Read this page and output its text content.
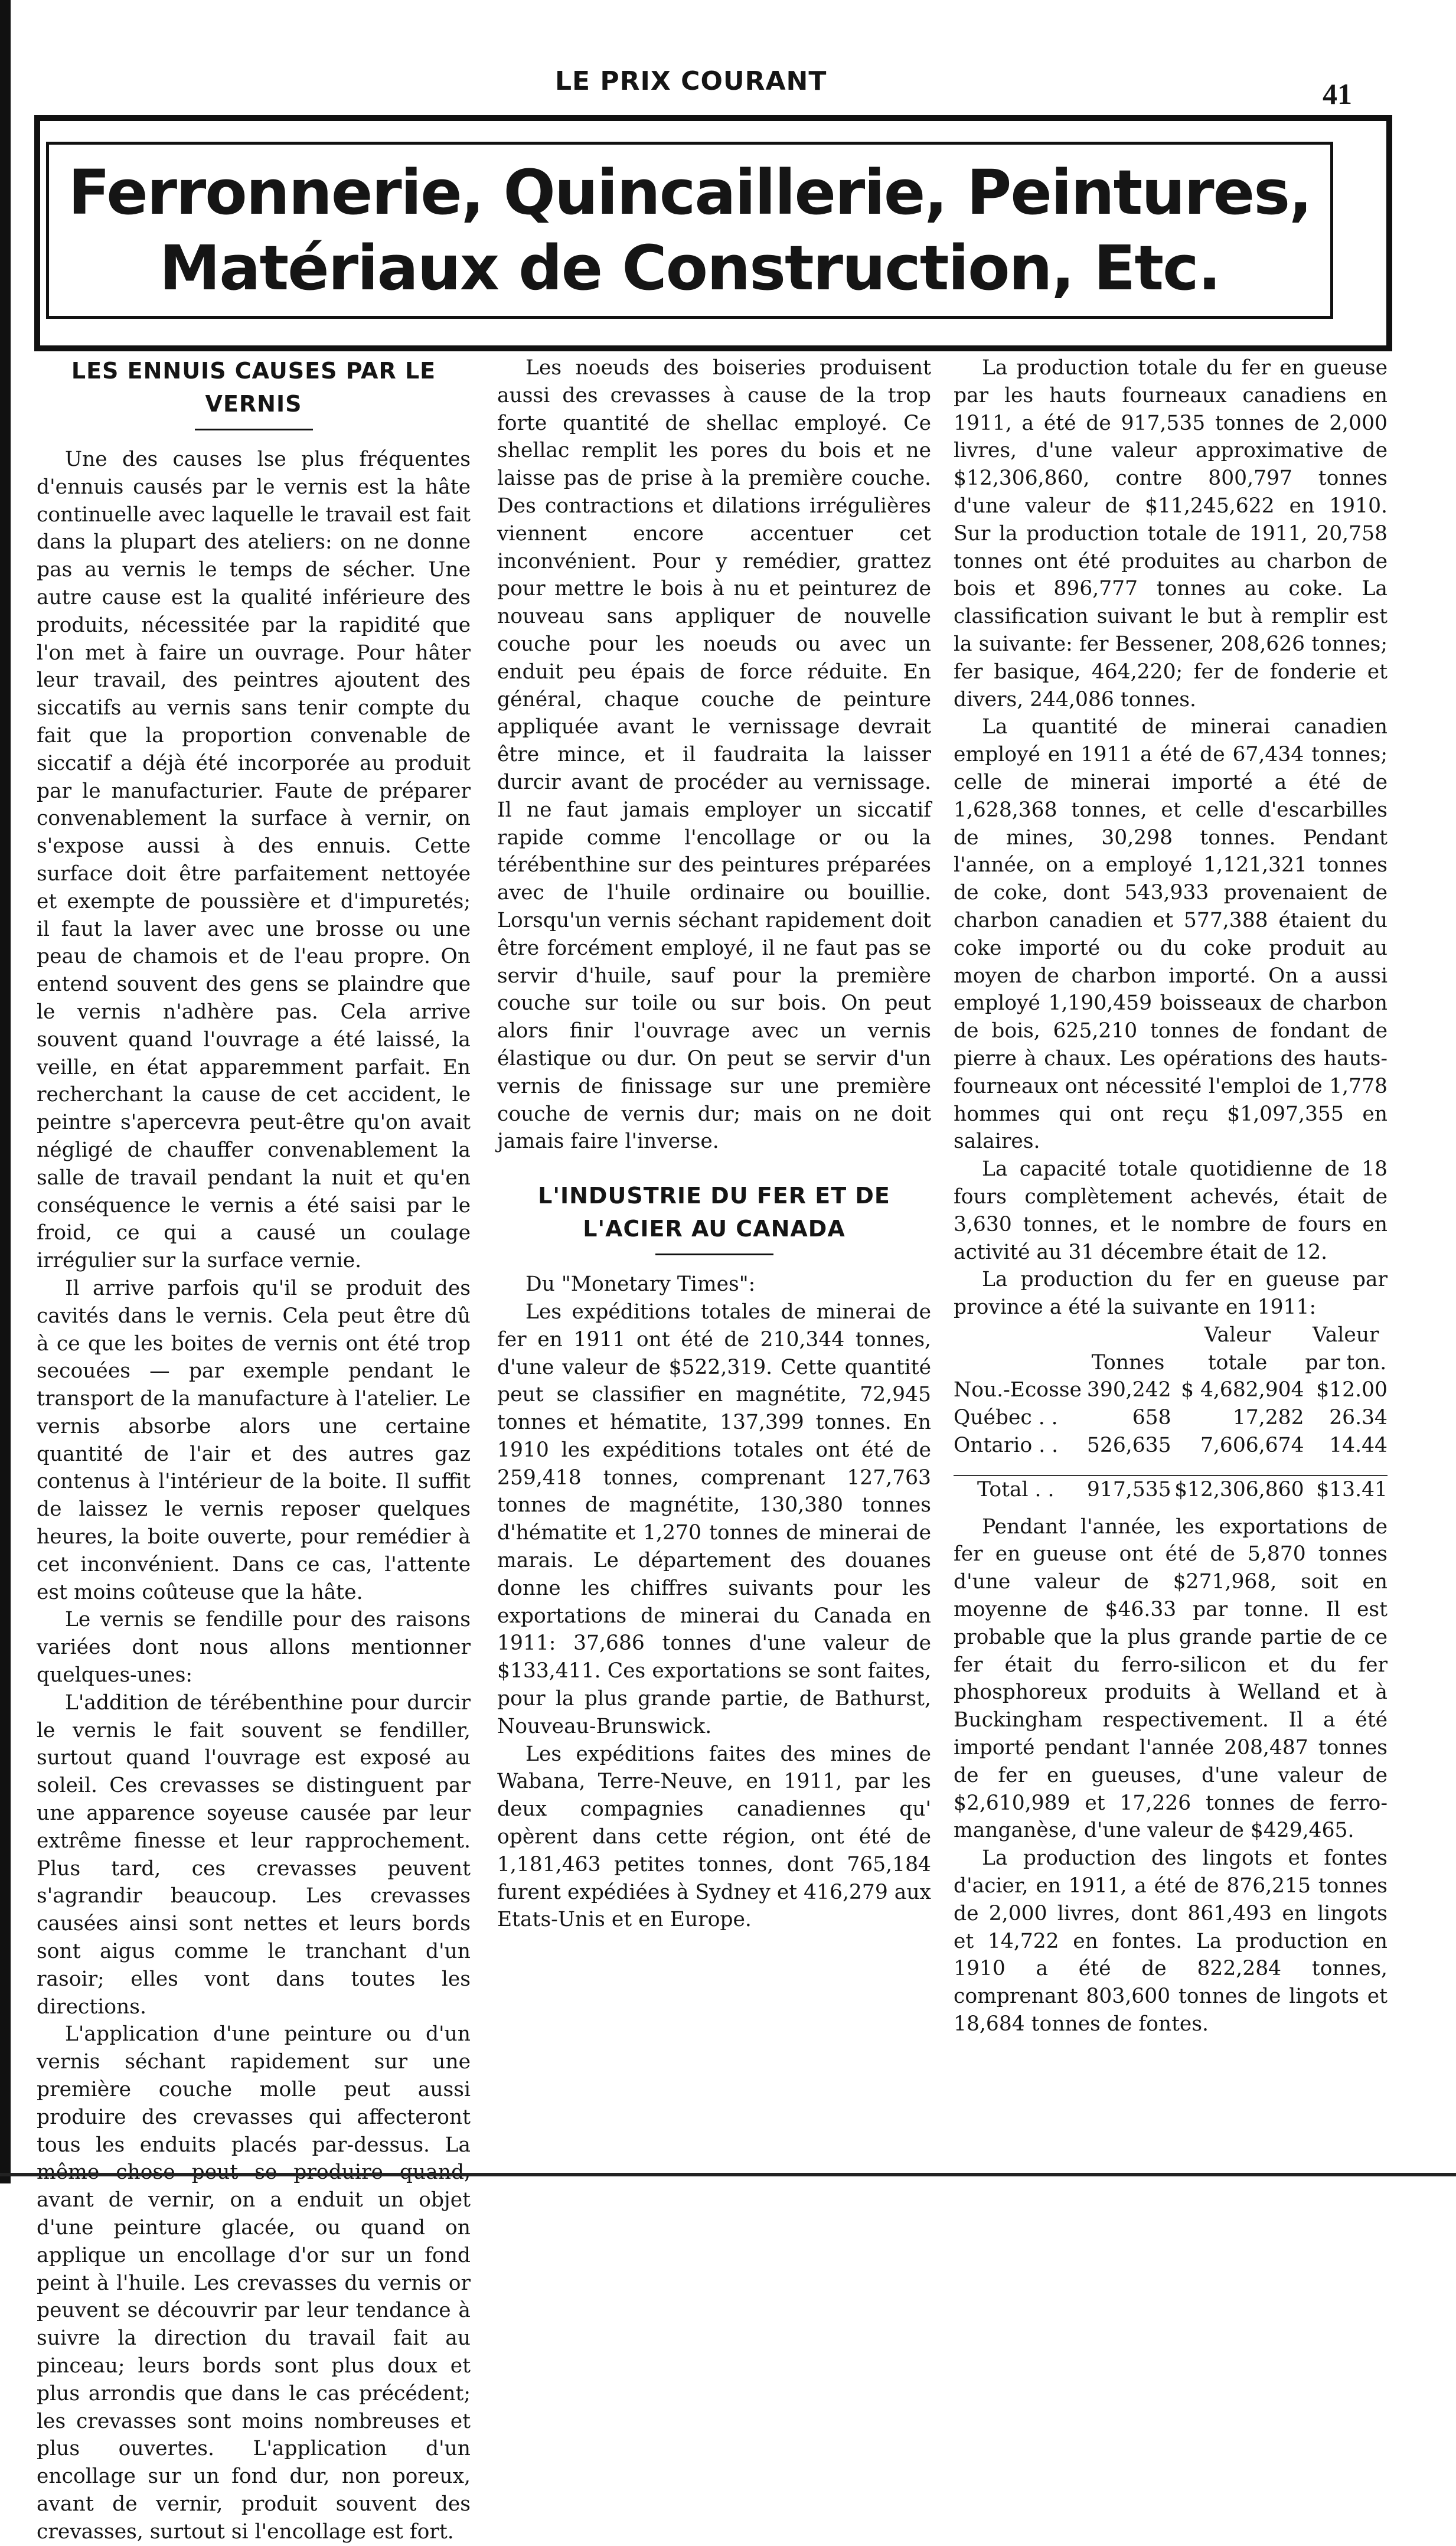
LE PRIX COURANT	41
Ferronnerie, Quincaillerie, Peintures,
Matériaux de Construction, Etc.
LES ENNUIS CAUSES PAR LE
VERNIS

Une des causes lse plus fréquentes d'ennuis causés par le vernis est la hâte continuelle avec laquelle le travail est fait dans la plupart des ateliers: on ne donne pas au vernis le temps de sécher. Une autre cause est la qualité inférieure des produits, nécessitée par la rapidité que l'on met à faire un ouvrage. Pour hâter leur travail, des peintres ajoutent des siccatifs au vernis sans tenir compte du fait que la proportion convenable de siccatif a déjà été incorporée au produit par le manufacturier. Faute de préparer convenablement la surface à vernir, on s'expose aussi à des ennuis. Cette surface doit être parfaitement nettoyée et exempte de poussière et d'impuretés; il faut la laver avec une brosse ou une peau de chamois et de l'eau propre. On entend souvent des gens se plaindre que le vernis n'adhère pas. Cela arrive souvent quand l'ouvrage a été laissé, la veille, en état apparemment parfait. En recherchant la cause de cet accident, le peintre s'apercevra peut-être qu'on avait négligé de chauffer convenablement la salle de travail pendant la nuit et qu'en conséquence le vernis a été saisi par le froid, ce qui a causé un coulage irrégulier sur la surface vernie.

Il arrive parfois qu'il se produit des cavités dans le vernis. Cela peut être dû à ce que les boites de vernis ont été trop secouées — par exemple pendant le transport de la manufacture à l'atelier. Le vernis absorbe alors une certaine quantité de l'air et des autres gaz contenus à l'intérieur de la boite. Il suffit de laissez le vernis reposer quelques heures, la boite ouverte, pour remédier à cet inconvénient. Dans ce cas, l'attente est moins coûteuse que la hâte.

Le vernis se fendille pour des raisons variées dont nous allons mentionner quelques-unes:

L'addition de térébenthine pour durcir le vernis le fait souvent se fendiller, surtout quand l'ouvrage est exposé au soleil. Ces crevasses se distinguent par une apparence soyeuse causée par leur extrême finesse et leur rapprochement. Plus tard, ces crevasses peuvent s'agrandir beaucoup. Les crevasses causées ainsi sont nettes et leurs bords sont aigus comme le tranchant d'un rasoir; elles vont dans toutes les directions.

L'application d'une peinture ou d'un vernis séchant rapidement sur une première couche molle peut aussi produire des crevasses qui affecteront tous les enduits placés par-dessus. La avant de vernir, on a enduit un objet d'une peinture glacée, ou quand on applique un encollage d'or sur un fond peint à l'huile. Les crevasses du vernis or peuvent se découvrir par leur tendance à suivre la direction du travail fait au pinceau; leurs bords sont plus doux et plus arrondis que dans le cas précédent; les crevasses sont moins nombreuses et plus ouvertes. L'application d'un encollage sur un fond dur, non poreux, avant de vernir, produit souvent des crevasses, surtout si l'encollage est fort.

Les noeuds des boiseries produisent aussi des crevasses à cause de la trop forte quantité de shellac employé. Ce shellac remplit les pores du bois et ne laisse pas de prise à la première couche. Des contractions et dilations irrégulières viennent encore accentuer cet inconvénient. Pour y remédier, grattez pour mettre le bois à nu et peinturez de nouveau sans appliquer de nouvelle couche pour les noeuds ou avec un enduit peu épais de force réduite. En général, chaque couche de peinture appliquée avant le vernissage devrait être mince, et il faudraita la laisser durcir avant de procéder au vernissage. Il ne faut jamais employer un siccatif rapide comme l'encollage or ou la térébenthine sur des peintures préparées avec de l'huile ordinaire ou bouillie. Lorsqu'un vernis séchant rapidement doit être forcément employé, il ne faut pas se servir d'huile, sauf pour la première couche sur toile ou sur bois. On peut alors finir l'ouvrage avec un vernis élastique ou dur. On peut se servir d'un vernis de finissage sur une première couche de vernis dur; mais on ne doit jamais faire l'inverse.

L'INDUSTRIE DU FER ET DE
L'ACIER AU CANADA

Du "Monetary Times":

Les expéditions totales de minerai de fer en 1911 ont été de 210,344 tonnes, d'une valeur de $522,319. Cette quantité peut se classifier en magnétite, 72,945 tonnes et hématite, 137,399 tonnes. En 1910 les expéditions totales ont été de 259,418 tonnes, comprenant 127,763 tonnes de magnétite, 130,380 tonnes d'hématite et 1,270 tonnes de minerai de marais. Le département des douanes donne les chiffres suivants pour les exportations de minerai du Canada en 1911: 37,686 tonnes d'une valeur de $133,411. Ces exportations se sont faites, pour la plus grande partie, de Bathurst, Nouveau-Brunswick.

Les expéditions faites des mines de Wabana, Terre-Neuve, en 1911, par les deux compagnies canadiennes qu' opèrent dans cette région, ont été de 1,181,463 petites tonnes, dont 765,184 furent expédiées à Sydney et 416,279 aux Etats-Unis et en Europe.

La production totale du fer en gueuse par les hauts fourneaux canadiens en 1911, a été de 917,535 tonnes de 2,000 livres, d'une valeur approximative de $12,306,860, contre 800,797 tonnes d'une valeur de $11,245,622 en 1910. Sur la production totale de 1911, 20,758 tonnes ont été produites au charbon de bois et 896,777 tonnes au coke. La classification suivant le but à remplir est la suivante: fer Bessener, 208,626 tonnes; fer basique, 464,220; fer de fonderie et divers, 244,086 tonnes.

La quantité de minerai canadien employé en 1911 a été de 67,434 tonnes; celle de minerai importé a été de 1,628,368 tonnes, et celle d'escarbilles de mines, 30,298 tonnes. Pendant l'année, on a employé 1,121,321 tonnes de coke, dont 543,933 provenaient de charbon canadien et 577,388 étaient du coke importé ou du coke produit au moyen de charbon importé. On a aussi employé 1,190,459 boisseaux de charbon de bois, 625,210 tonnes de fondant de pierre à chaux. Les opérations des hauts-fourneaux ont nécessité l'emploi de 1,778 hommes qui ont reçu $1,097,355 en salaires.

La capacité totale quotidienne de 18 fours complètement achevés, était de 3,630 tonnes, et le nombre de fours en activité au 31 décembre était de 12.

La production du fer en gueuse par province a été la suivante en 1911:

		Valeur	Valeur
	Tonnes	totale	par ton.
Nou.-Ecosse	390,242	$ 4,682,904	$12.00
Québec . .	658	17,282	26.34
Ontario . .	526,635	7,606,674	14.44

Total . .	917,535	$12,306,860	$13.41

Pendant l'année, les exportations de fer en gueuse ont été de 5,870 tonnes d'une valeur de $271,968, soit en moyenne de $46.33 par tonne. Il est probable que la plus grande partie de ce fer était du ferro-silicon et du fer phosphoreux produits à Welland et à Buckingham respectivement. Il a été importé pendant l'année 208,487 tonnes de fer en gueuses, d'une valeur de $2,610,989 et 17,226 tonnes de ferro-manganèse, d'une valeur de $429,465.

La production des lingots et fontes d'acier, en 1911, a été de 876,215 tonnes de 2,000 livres, dont 861,493 en lingots et 14,722 en fontes. La production en 1910 a été de 822,284 tonnes, comprenant 803,600 tonnes de lingots et 18,684 tonnes de fontes.
